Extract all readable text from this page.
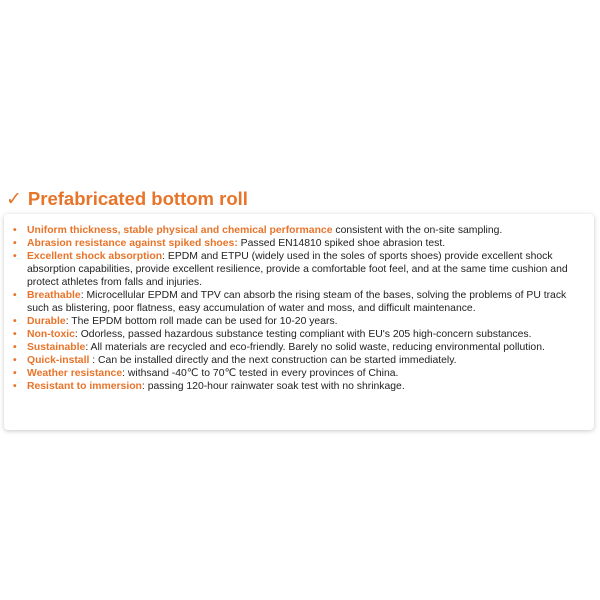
✓ Prefabricated bottom roll
• Uniform thickness, stable physical and chemical performance consistent with the on-site sampling.
• Abrasion resistance against spiked shoes: Passed EN14810 spiked shoe abrasion test.
• Excellent shock absorption: EPDM and ETPU (widely used in the soles of sports shoes) provide excellent shock absorption capabilities, provide excellent resilience, provide a comfortable foot feel, and at the same time cushion and protect athletes from falls and injuries.
• Breathable: Microcellular EPDM and TPV can absorb the rising steam of the bases, solving the problems of PU track such as blistering, poor flatness, easy accumulation of water and moss, and difficult maintenance.
• Durable: The EPDM bottom roll made can be used for 10-20 years.
• Non-toxic: Odorless, passed hazardous substance testing compliant with EU's 205 high-concern substances.
• Sustainable: All materials are recycled and eco-friendly. Barely no solid waste, reducing environmental pollution.
• Quick-install : Can be installed directly and the next construction can be started immediately.
• Weather resistance: withsand -40℃ to 70℃ tested in every provinces of China.
• Resistant to immersion: passing 120-hour rainwater soak test with no shrinkage.
